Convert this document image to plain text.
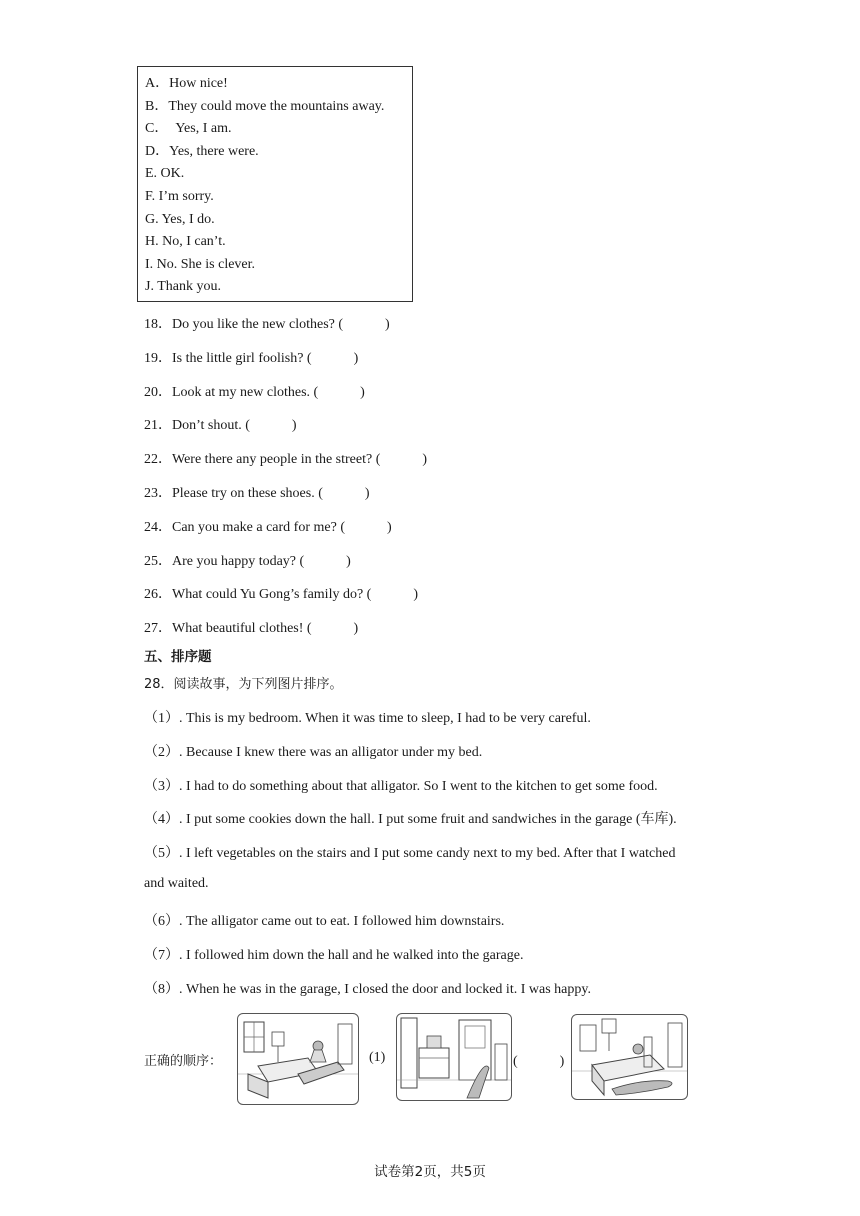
A．How nice!
B．They could move the mountains away.
C．　Yes, I am.
D．Yes, there were.
E. OK.
F. I’m sorry.
G. Yes, I do.
H. No, I can’t.
I. No. She is clever.
J. Thank you.
18．Do you like the new clothes? (　　　)
19．Is the little girl foolish? (　　　)
20．Look at my new clothes. (　　　)
21．Don’t shout. (　　　)
22．Were there any people in the street? (　　　)
23．Please try on these shoes. (　　　)
24．Can you make a card for me? (　　　)
25．Are you happy today? (　　　)
26．What could Yu Gong’s family do? (　　　)
27．What beautiful clothes! (　　　)
五、排序题
28．阅读故事，为下列图片排序。
（1）. This is my bedroom. When it was time to sleep, I had to be very careful.
（2）. Because I knew there was an alligator under my bed.
（3）. I had to do something about that alligator. So I went to the kitchen to get some food.
（4）. I put some cookies down the hall. I put some fruit and sandwiches in the garage (车库).
（5）. I left vegetables on the stairs and I put some candy next to my bed. After that I watched
and waited.
（6）. The alligator came out to eat. I followed him downstairs.
（7）. I followed him down the hall and he walked into the garage.
（8）. When he was in the garage, I closed the door and locked it. I was happy.
正确的顺序：	(1)	(　　　)
试卷第2页，共5页
